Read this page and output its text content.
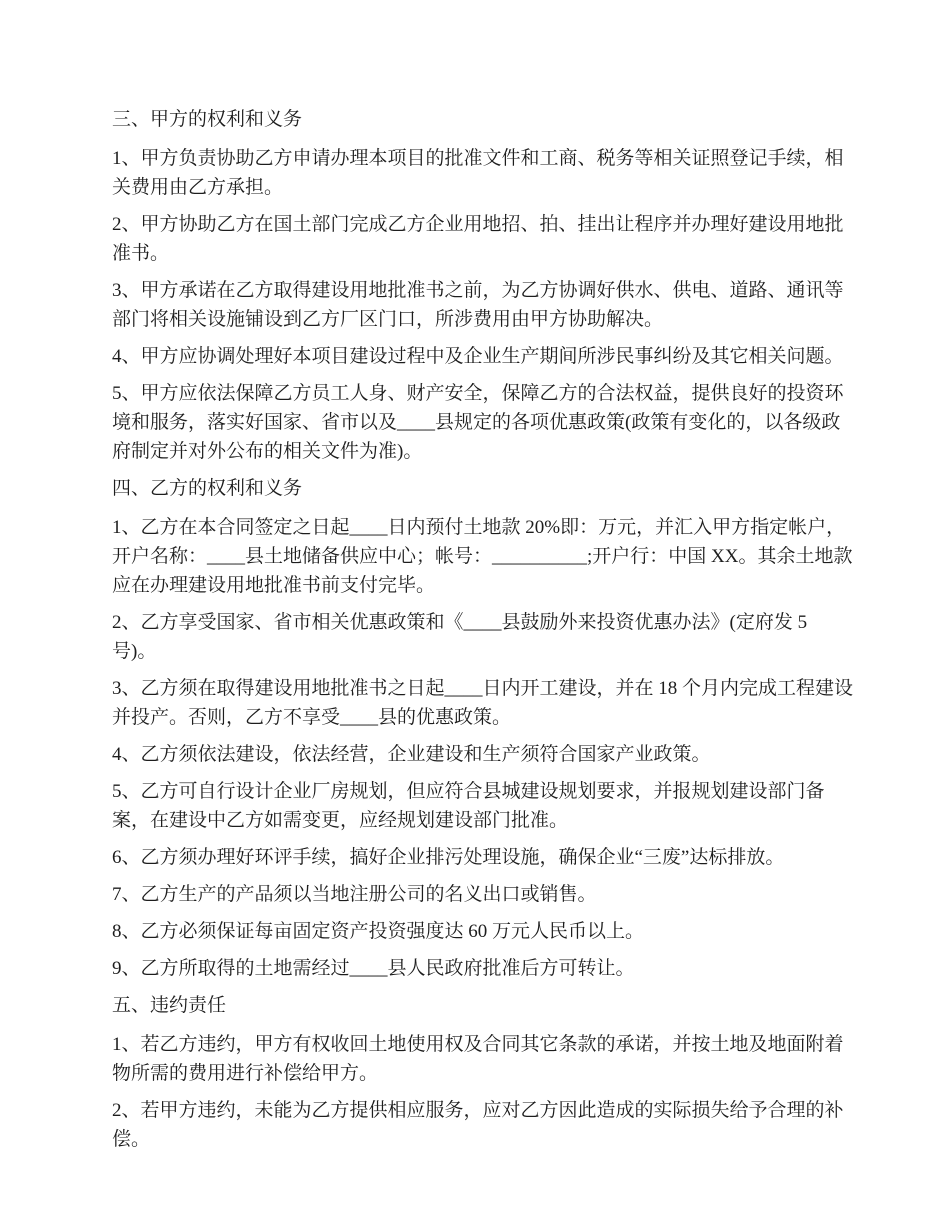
三、甲方的权利和义务

1、甲方负责协助乙方申请办理本项目的批准文件和工商、税务等相关证照登记手续，相关费用由乙方承担。

2、甲方协助乙方在国土部门完成乙方企业用地招、拍、挂出让程序并办理好建设用地批准书。

3、甲方承诺在乙方取得建设用地批准书之前，为乙方协调好供水、供电、道路、通讯等部门将相关设施铺设到乙方厂区门口，所涉费用由甲方协助解决。

4、甲方应协调处理好本项目建设过程中及企业生产期间所涉民事纠纷及其它相关问题。

5、甲方应依法保障乙方员工人身、财产安全，保障乙方的合法权益，提供良好的投资环境和服务，落实好国家、省市以及____县规定的各项优惠政策(政策有变化的，以各级政府制定并对外公布的相关文件为准)。

四、乙方的权利和义务

1、乙方在本合同签定之日起____日内预付土地款 20%即：万元，并汇入甲方指定帐户，开户名称：____县土地储备供应中心；帐号：__________;开户行：中国 XX。其余土地款应在办理建设用地批准书前支付完毕。

2、乙方享受国家、省市相关优惠政策和《____县鼓励外来投资优惠办法》(定府发 5 号)。

3、乙方须在取得建设用地批准书之日起____日内开工建设，并在 18 个月内完成工程建设并投产。否则，乙方不享受____县的优惠政策。

4、乙方须依法建设，依法经营，企业建设和生产须符合国家产业政策。

5、乙方可自行设计企业厂房规划，但应符合县城建设规划要求，并报规划建设部门备案，在建设中乙方如需变更，应经规划建设部门批准。

6、乙方须办理好环评手续，搞好企业排污处理设施，确保企业“三废”达标排放。

7、乙方生产的产品须以当地注册公司的名义出口或销售。

8、乙方必须保证每亩固定资产投资强度达 60 万元人民币以上。

9、乙方所取得的土地需经过____县人民政府批准后方可转让。

五、违约责任

1、若乙方违约，甲方有权收回土地使用权及合同其它条款的承诺，并按土地及地面附着物所需的费用进行补偿给甲方。

2、若甲方违约，未能为乙方提供相应服务，应对乙方因此造成的实际损失给予合理的补偿。
